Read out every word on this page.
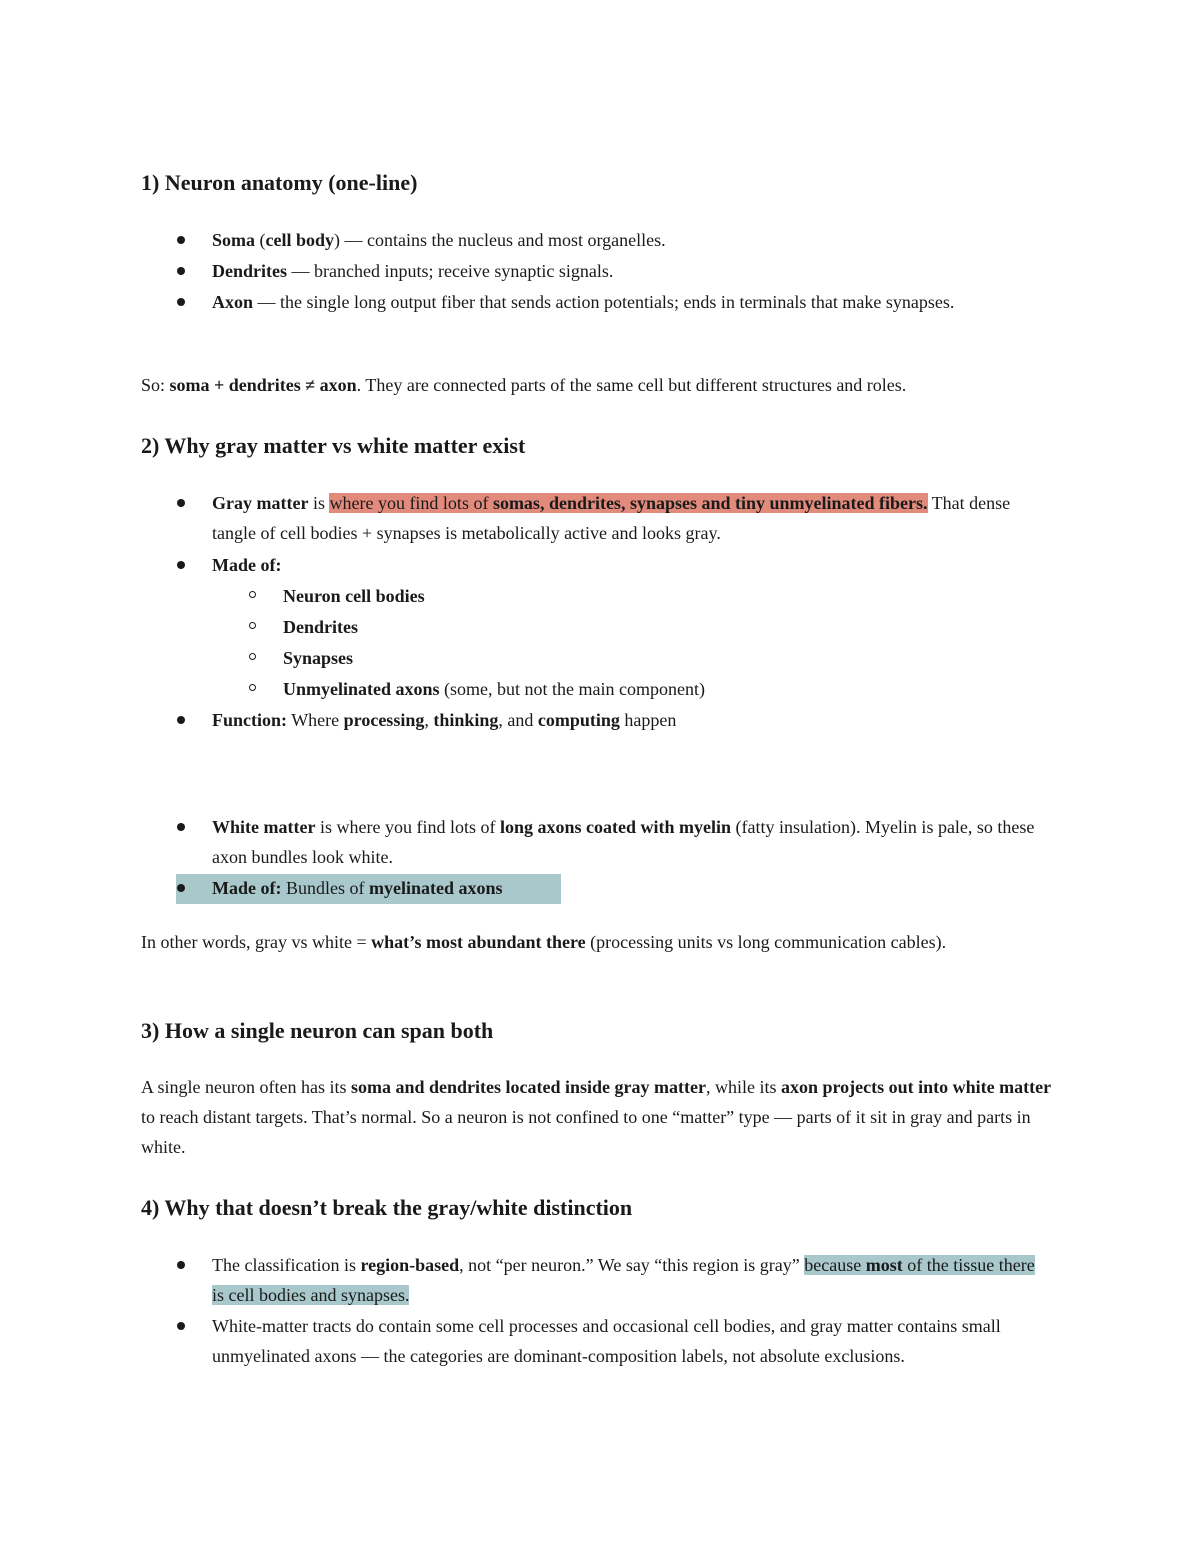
1) Neuron anatomy (one-line)

Soma (cell body) — contains the nucleus and most organelles.

Dendrites — branched inputs; receive synaptic signals.

Axon — the single long output fiber that sends action potentials; ends in terminals that make synapses.

So: soma + dendrites ≠ axon. They are connected parts of the same cell but different structures and roles.

2) Why gray matter vs white matter exist

Gray matter is where you find lots of somas, dendrites, synapses and tiny unmyelinated fibers. That dense tangle of cell bodies + synapses is metabolically active and looks gray.

Made of:

Neuron cell bodies

Dendrites

Synapses

Unmyelinated axons (some, but not the main component)

Function: Where processing, thinking, and computing happen

White matter is where you find lots of long axons coated with myelin (fatty insulation). Myelin is pale, so these axon bundles look white.

Made of: Bundles of myelinated axons

In other words, gray vs white = what’s most abundant there (processing units vs long communication cables).

3) How a single neuron can span both

A single neuron often has its soma and dendrites located inside gray matter, while its axon projects out into white matter to reach distant targets. That’s normal. So a neuron is not confined to one “matter” type — parts of it sit in gray and parts in white.

4) Why that doesn’t break the gray/white distinction

The classification is region-based, not “per neuron.” We say “this region is gray” because most of the tissue there is cell bodies and synapses.

White-matter tracts do contain some cell processes and occasional cell bodies, and gray matter contains small unmyelinated axons — the categories are dominant-composition labels, not absolute exclusions.
